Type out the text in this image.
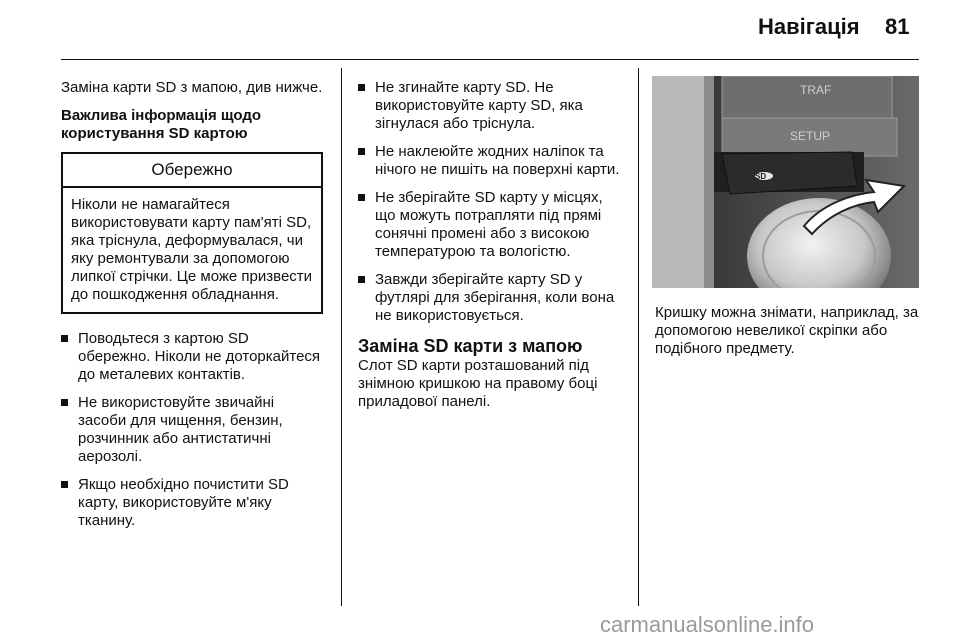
Навігація 81

Заміна карти SD з мапою, див нижче.

Важлива інформація щодо користування SD картою

Обережно
Ніколи не намагайтеся використовувати карту пам'яті SD, яка тріснула, деформувалася, чи яку ремонтували за допомогою липкої стрічки. Це може призвести до пошкодження обладнання.
Поводьтеся з картою SD обережно. Ніколи не доторкайтеся до металевих контактів.
Не використовуйте звичайні засоби для чищення, бензин, розчинник або антистатичні аерозолі.
Якщо необхідно почистити SD карту, використовуйте м'яку тканину.
Не згинайте карту SD. Не використовуйте карту SD, яка зігнулася або тріснула.
Не наклеюйте жодних наліпок та нічого не пишіть на поверхні карти.
Не зберігайте SD карту у місцях, що можуть потрапляти під прямі сонячні промені або з високою температурою та вологістю.
Завжди зберігайте карту SD у футлярі для зберігання, коли вона не використовується.
Заміна SD карти з мапою

Слот SD карти розташований під знімною кришкою на правому боці приладової панелі.

TRAF
SETUP
SD

Кришку можна знімати, наприклад, за допомогою невеликої скріпки або подібного предмету.

carmanualsonline.info
